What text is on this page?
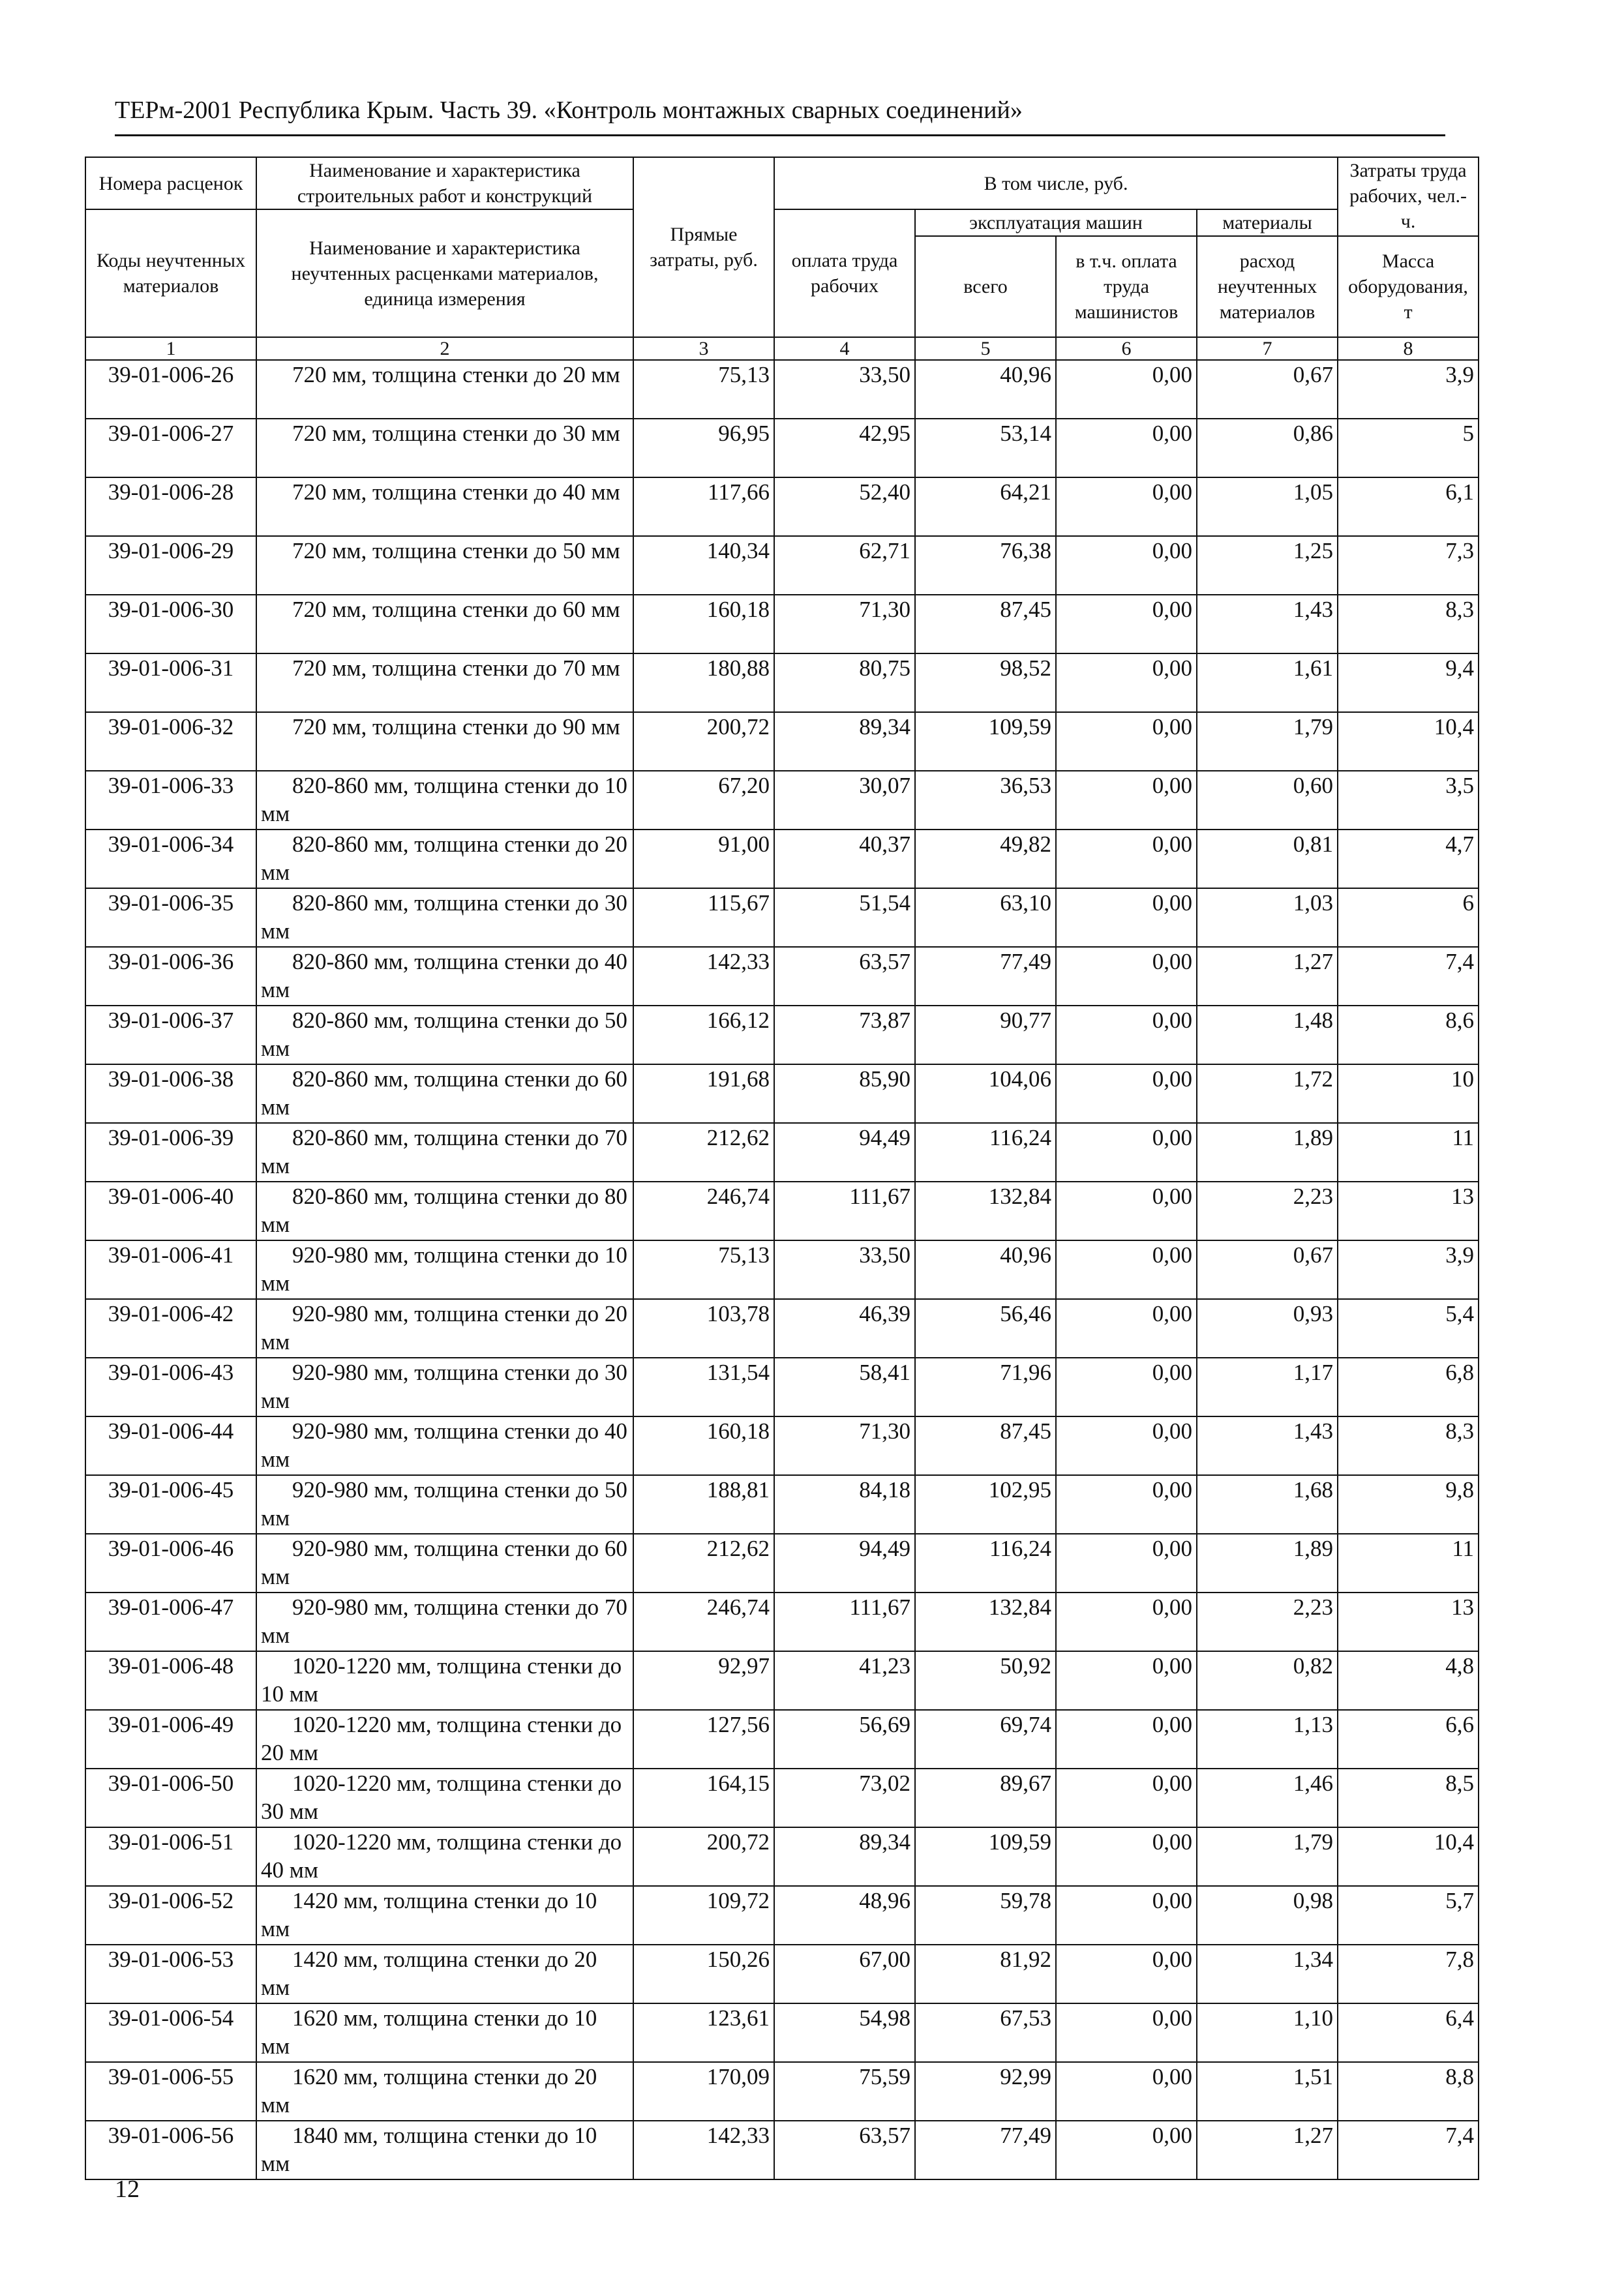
ТЕРм-2001 Республика Крым. Часть 39. «Контроль монтажных сварных соединений»
Номера расценок	Наименование и характеристика строительных работ и конструкций	Прямые затраты, руб.	В том числе, руб.				Затраты труда рабочих, чел.-ч.
Коды неучтенных материалов	Наименование и характеристика неучтенных расценками материалов, единица измерения		оплата труда рабочих	эксплуатация машин		материалы	
				всего	в т.ч. оплата труда машинистов	расход неучтенных материалов	Масса оборудования, т
1	2	3	4	5	6	7	8
39-01-006-26	720 мм, толщина стенки до 20 мм	75,13	33,50	40,96	0,00	0,67	3,9
39-01-006-27	720 мм, толщина стенки до 30 мм	96,95	42,95	53,14	0,00	0,86	5
39-01-006-28	720 мм, толщина стенки до 40 мм	117,66	52,40	64,21	0,00	1,05	6,1
39-01-006-29	720 мм, толщина стенки до 50 мм	140,34	62,71	76,38	0,00	1,25	7,3
39-01-006-30	720 мм, толщина стенки до 60 мм	160,18	71,30	87,45	0,00	1,43	8,3
39-01-006-31	720 мм, толщина стенки до 70 мм	180,88	80,75	98,52	0,00	1,61	9,4
39-01-006-32	720 мм, толщина стенки до 90 мм	200,72	89,34	109,59	0,00	1,79	10,4
39-01-006-33	820-860 мм, толщина стенки до 10 мм	67,20	30,07	36,53	0,00	0,60	3,5
39-01-006-34	820-860 мм, толщина стенки до 20 мм	91,00	40,37	49,82	0,00	0,81	4,7
39-01-006-35	820-860 мм, толщина стенки до 30 мм	115,67	51,54	63,10	0,00	1,03	6
39-01-006-36	820-860 мм, толщина стенки до 40 мм	142,33	63,57	77,49	0,00	1,27	7,4
39-01-006-37	820-860 мм, толщина стенки до 50 мм	166,12	73,87	90,77	0,00	1,48	8,6
39-01-006-38	820-860 мм, толщина стенки до 60 мм	191,68	85,90	104,06	0,00	1,72	10
39-01-006-39	820-860 мм, толщина стенки до 70 мм	212,62	94,49	116,24	0,00	1,89	11
39-01-006-40	820-860 мм, толщина стенки до 80 мм	246,74	111,67	132,84	0,00	2,23	13
39-01-006-41	920-980 мм, толщина стенки до 10 мм	75,13	33,50	40,96	0,00	0,67	3,9
39-01-006-42	920-980 мм, толщина стенки до 20 мм	103,78	46,39	56,46	0,00	0,93	5,4
39-01-006-43	920-980 мм, толщина стенки до 30 мм	131,54	58,41	71,96	0,00	1,17	6,8
39-01-006-44	920-980 мм, толщина стенки до 40 мм	160,18	71,30	87,45	0,00	1,43	8,3
39-01-006-45	920-980 мм, толщина стенки до 50 мм	188,81	84,18	102,95	0,00	1,68	9,8
39-01-006-46	920-980 мм, толщина стенки до 60 мм	212,62	94,49	116,24	0,00	1,89	11
39-01-006-47	920-980 мм, толщина стенки до 70 мм	246,74	111,67	132,84	0,00	2,23	13
39-01-006-48	1020-1220 мм, толщина стенки до 10 мм	92,97	41,23	50,92	0,00	0,82	4,8
39-01-006-49	1020-1220 мм, толщина стенки до 20 мм	127,56	56,69	69,74	0,00	1,13	6,6
39-01-006-50	1020-1220 мм, толщина стенки до 30 мм	164,15	73,02	89,67	0,00	1,46	8,5
39-01-006-51	1020-1220 мм, толщина стенки до 40 мм	200,72	89,34	109,59	0,00	1,79	10,4
39-01-006-52	1420 мм, толщина стенки до 10 мм	109,72	48,96	59,78	0,00	0,98	5,7
39-01-006-53	1420 мм, толщина стенки до 20 мм	150,26	67,00	81,92	0,00	1,34	7,8
39-01-006-54	1620 мм, толщина стенки до 10 мм	123,61	54,98	67,53	0,00	1,10	6,4
39-01-006-55	1620 мм, толщина стенки до 20 мм	170,09	75,59	92,99	0,00	1,51	8,8
39-01-006-56	1840 мм, толщина стенки до 10 мм	142,33	63,57	77,49	0,00	1,27	7,4
12
